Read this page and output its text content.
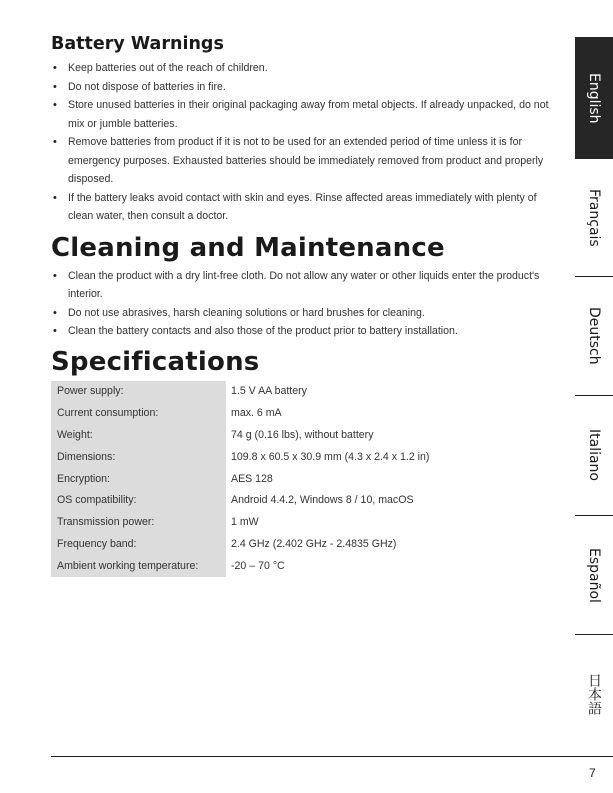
Battery Warnings
• Keep batteries out of the reach of children.
• Do not dispose of batteries in fire.
• Store unused batteries in their original packaging away from metal objects. If already unpacked, do not mix or jumble batteries.
• Remove batteries from product if it is not to be used for an extended period of time unless it is for emergency purposes. Exhausted batteries should be immediately removed from product and properly disposed.
• If the battery leaks avoid contact with skin and eyes. Rinse affected areas immediately with plenty of clean water, then consult a doctor.
Cleaning and Maintenance
• Clean the product with a dry lint-free cloth. Do not allow any water or other liquids enter the product's interior.
• Do not use abrasives, harsh cleaning solutions or hard brushes for cleaning.
• Clean the battery contacts and also those of the product prior to battery installation.
Specifications
Power supply:	1.5 V AA battery
Current consumption:	max. 6 mA
Weight:	74 g (0.16 lbs), without battery
Dimensions:	109.8 x 60.5 x 30.9 mm (4.3 x 2.4 x 1.2 in)
Encryption:	AES 128
OS compatibility:	Android 4.4.2, Windows 8 / 10, macOS
Transmission power:	1 mW
Frequency band:	2.4 GHz (2.402 GHz - 2.4835 GHz)
Ambient working temperature:	-20 – 70 °C
English
Français
Deutsch
Italiano
Español
日本語
7
